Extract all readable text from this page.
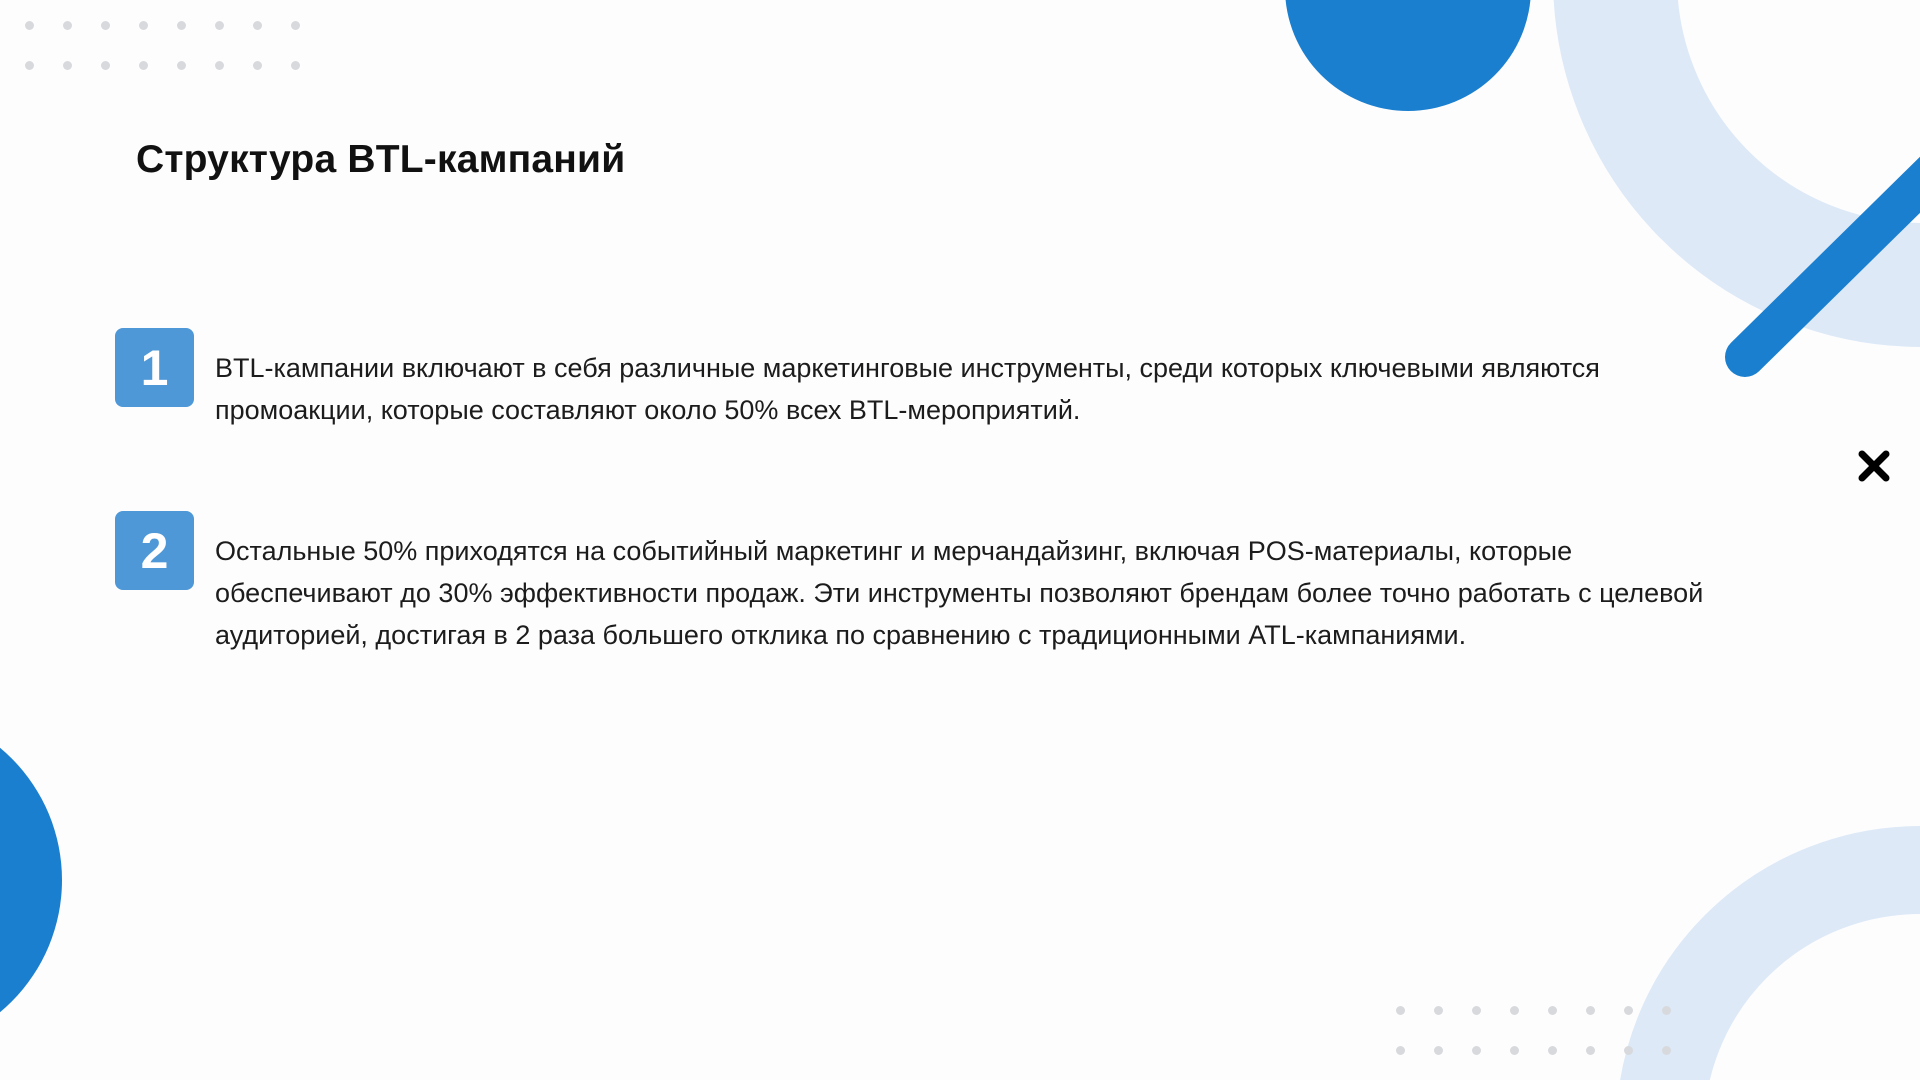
Структура BTL-кампаний
1	BTL-кампании включают в себя различные маркетинговые инструменты, среди которых ключевыми являются промоакции, которые составляют около 50% всех BTL-мероприятий.

2	Остальные 50% приходятся на событийный маркетинг и мерчандайзинг, включая POS-материалы, которые обеспечивают до 30% эффективности продаж. Эти инструменты позволяют брендам более точно работать с целевой аудиторией, достигая в 2 раза большего отклика по сравнению с традиционными ATL-кампаниями.
